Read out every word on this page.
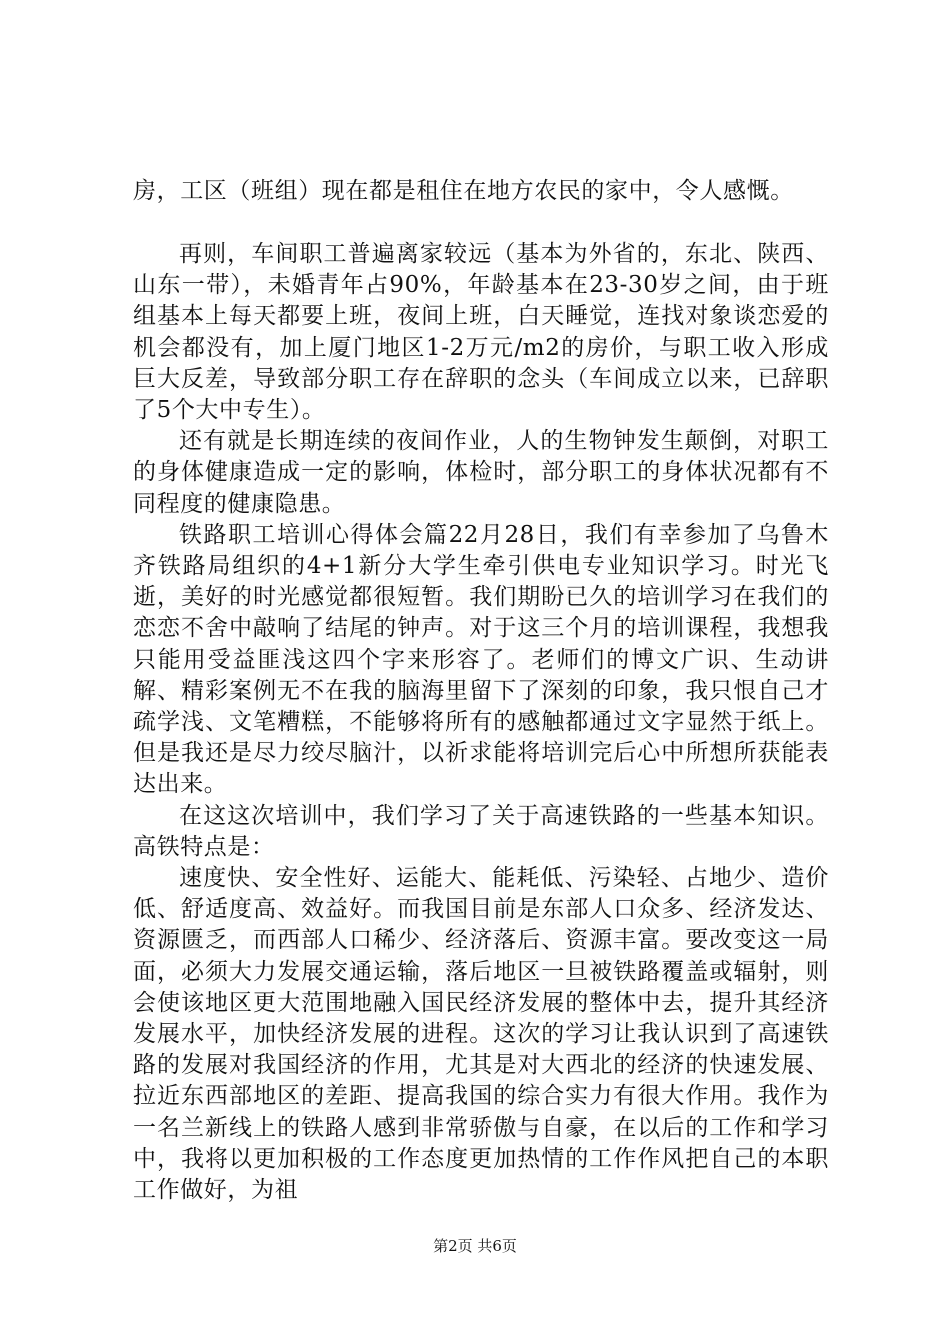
房，工区（班组）现在都是租住在地方农民的家中，令人感慨。

再则，车间职工普遍离家较远（基本为外省的，东北、陕西、山东一带），未婚青年占90%，年龄基本在23-30岁之间，由于班组基本上每天都要上班，夜间上班，白天睡觉，连找对象谈恋爱的机会都没有，加上厦门地区1-2万元/m2的房价，与职工收入形成巨大反差，导致部分职工存在辞职的念头（车间成立以来，已辞职了5个大中专生）。

还有就是长期连续的夜间作业，人的生物钟发生颠倒，对职工的身体健康造成一定的影响，体检时，部分职工的身体状况都有不同程度的健康隐患。

铁路职工培训心得体会篇22月28日，我们有幸参加了乌鲁木齐铁路局组织的4+1新分大学生牵引供电专业知识学习。时光飞逝，美好的时光感觉都很短暂。我们期盼已久的培训学习在我们的恋恋不舍中敲响了结尾的钟声。对于这三个月的培训课程，我想我只能用受益匪浅这四个字来形容了。老师们的博文广识、生动讲解、精彩案例无不在我的脑海里留下了深刻的印象，我只恨自己才疏学浅、文笔糟糕，不能够将所有的感触都通过文字显然于纸上。但是我还是尽力绞尽脑汁，以祈求能将培训完后心中所想所获能表达出来。

在这这次培训中，我们学习了关于高速铁路的一些基本知识。高铁特点是：

速度快、安全性好、运能大、能耗低、污染轻、占地少、造价低、舒适度高、效益好。而我国目前是东部人口众多、经济发达、资源匮乏，而西部人口稀少、经济落后、资源丰富。要改变这一局面，必须大力发展交通运输，落后地区一旦被铁路覆盖或辐射，则会使该地区更大范围地融入国民经济发展的整体中去，提升其经济发展水平，加快经济发展的进程。这次的学习让我认识到了高速铁路的发展对我国经济的作用，尤其是对大西北的经济的快速发展、拉近东西部地区的差距、提高我国的综合实力有很大作用。我作为一名兰新线上的铁路人感到非常骄傲与自豪，在以后的工作和学习中，我将以更加积极的工作态度更加热情的工作作风把自己的本职工作做好，为祖

第2页 共6页
